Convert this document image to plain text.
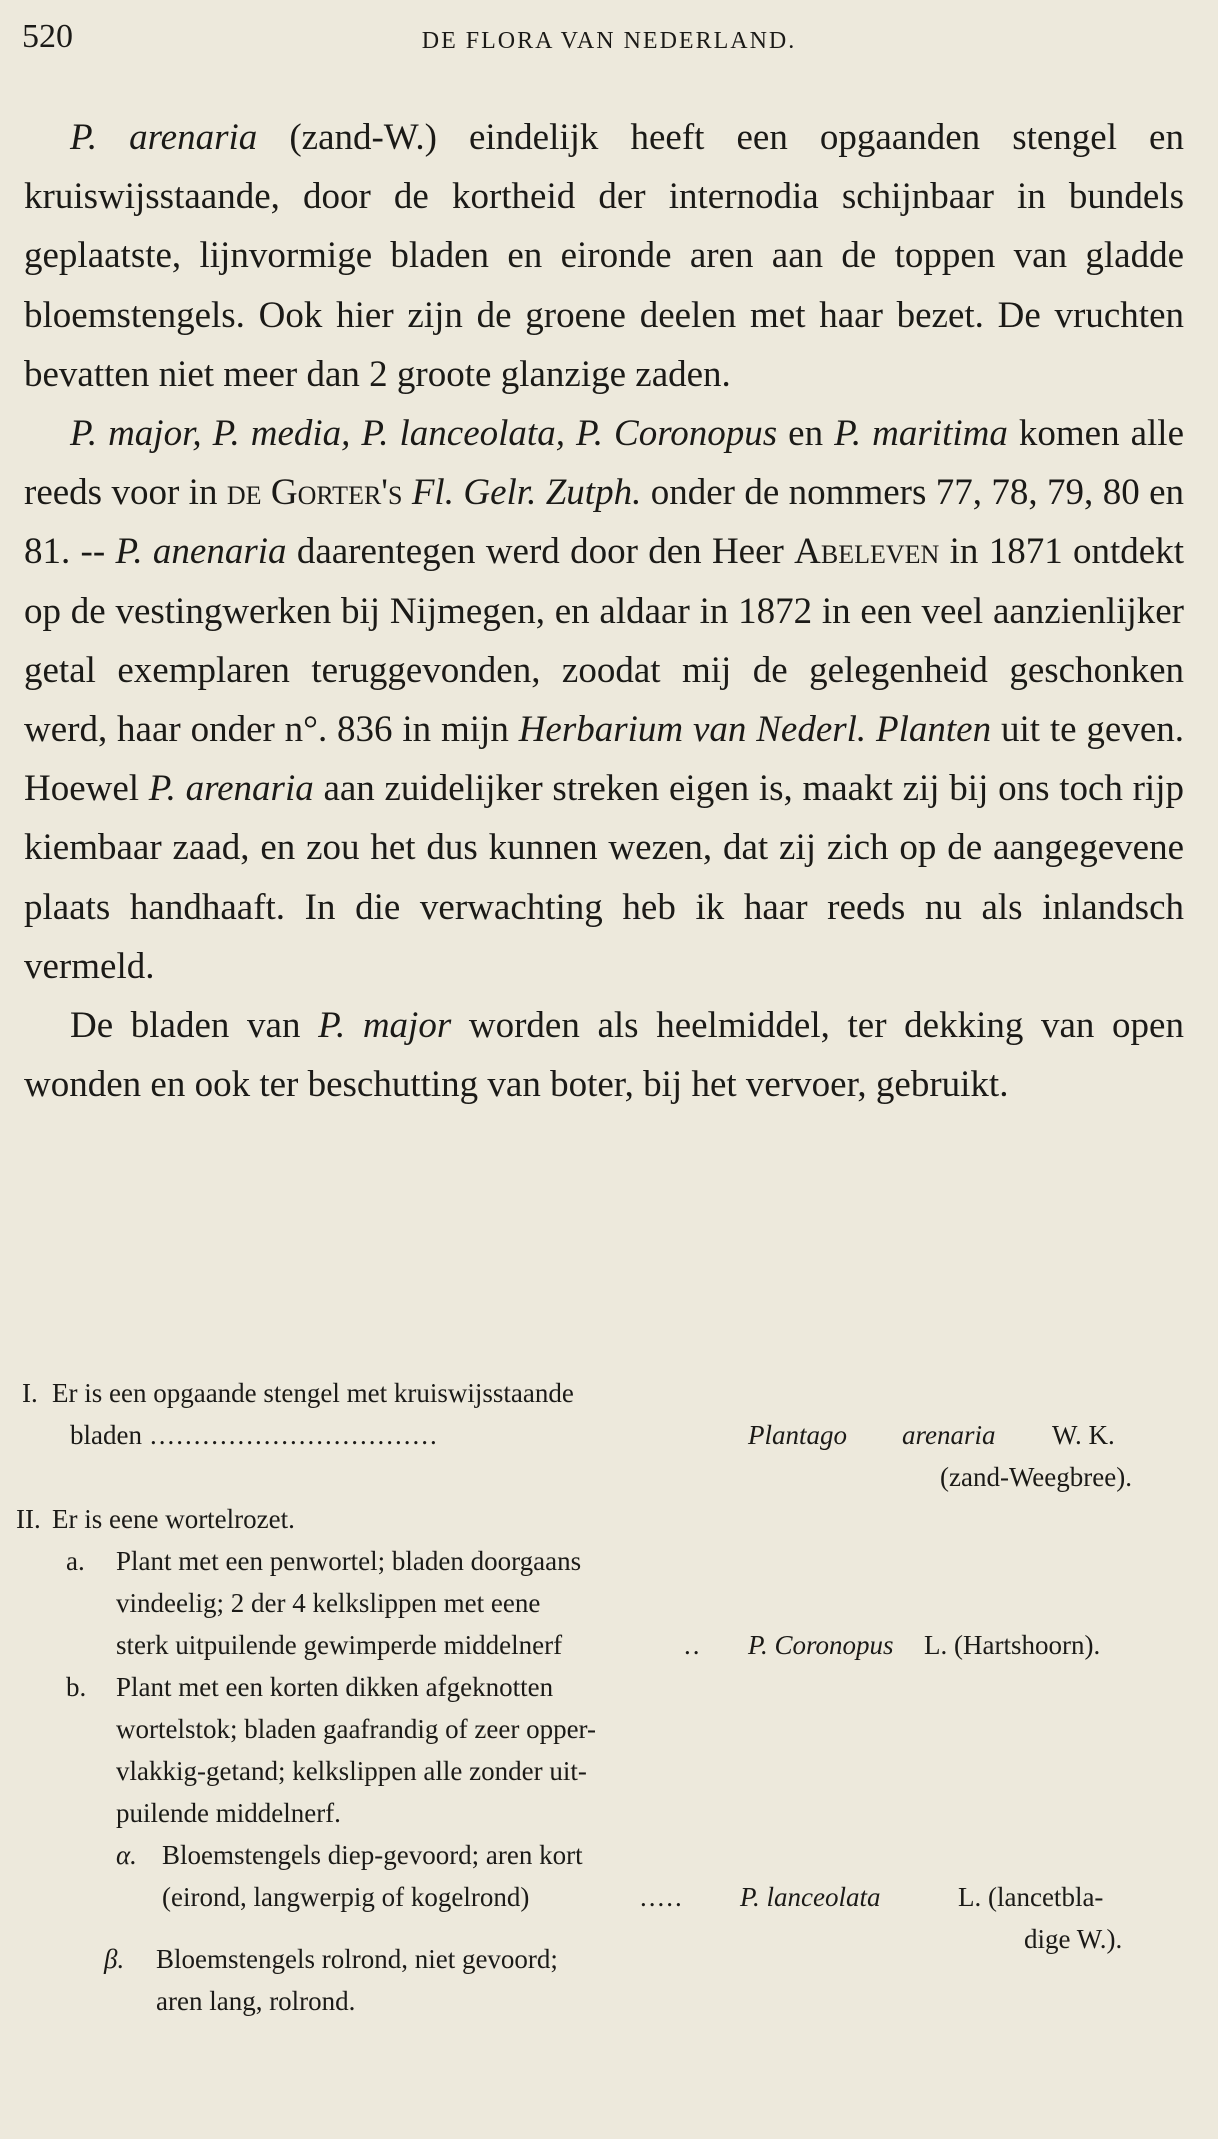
520	DE FLORA VAN NEDERLAND.

P. arenaria (zand-W.) eindelijk heeft een opgaanden stengel en kruiswijsstaande, door de kortheid der internodia schijnbaar in bundels geplaatste, lijnvormige bladen en eironde aren aan de toppen van gladde bloemstengels. Ook hier zijn de groene deelen met haar bezet. De vruchten bevatten niet meer dan 2 groote glanzige zaden.

P. major, P. media, P. lanceolata, P. Coronopus en P. maritima komen alle reeds voor in de Gorter's Fl. Gelr. Zutph. onder de nommers 77, 78, 79, 80 en 81. -- P. anenaria daarentegen werd door den Heer Abeleven in 1871 ontdekt op de vestingwerken bij Nijmegen, en aldaar in 1872 in een veel aanzienlijker getal exemplaren teruggevonden, zoodat mij de gelegenheid geschonken werd, haar onder n°. 836 in mijn Herbarium van Nederl. Planten uit te geven. Hoewel P. arenaria aan zuidelijker streken eigen is, maakt zij bij ons toch rijp kiembaar zaad, en zou het dus kunnen wezen, dat zij zich op de aangegevene plaats handhaaft. In die verwachting heb ik haar reeds nu als inlandsch vermeld.

De bladen van P. major worden als heelmiddel, ter dekking van open wonden en ook ter beschutting van boter, bij het vervoer, gebruikt.

I. Er is een opgaande stengel met kruiswijsstaande
bladen .................................	Plantago arenaria W. K.
(zand-Weegbree).
II. Er is eene wortelrozet.
a. Plant met een penwortel; bladen doorgaans
vindeelig; 2 der 4 kelkslippen met eene
sterk uitpuilende gewimperde middelnerf	.. P. Coronopus L. (Hartshoorn).
b. Plant met een korten dikken afgeknotten
wortelstok; bladen gaafrandig of zeer opper-
vlakkig-getand; kelkslippen alle zonder uit-
puilende middelnerf.
α. Bloemstengels diep-gevoord; aren kort
(eirond, langwerpig of kogelrond)	..... P. lanceolata	L. (lancetbla-
dige W.).
β. Bloemstengels rolrond, niet gevoord;
aren lang, rolrond.
